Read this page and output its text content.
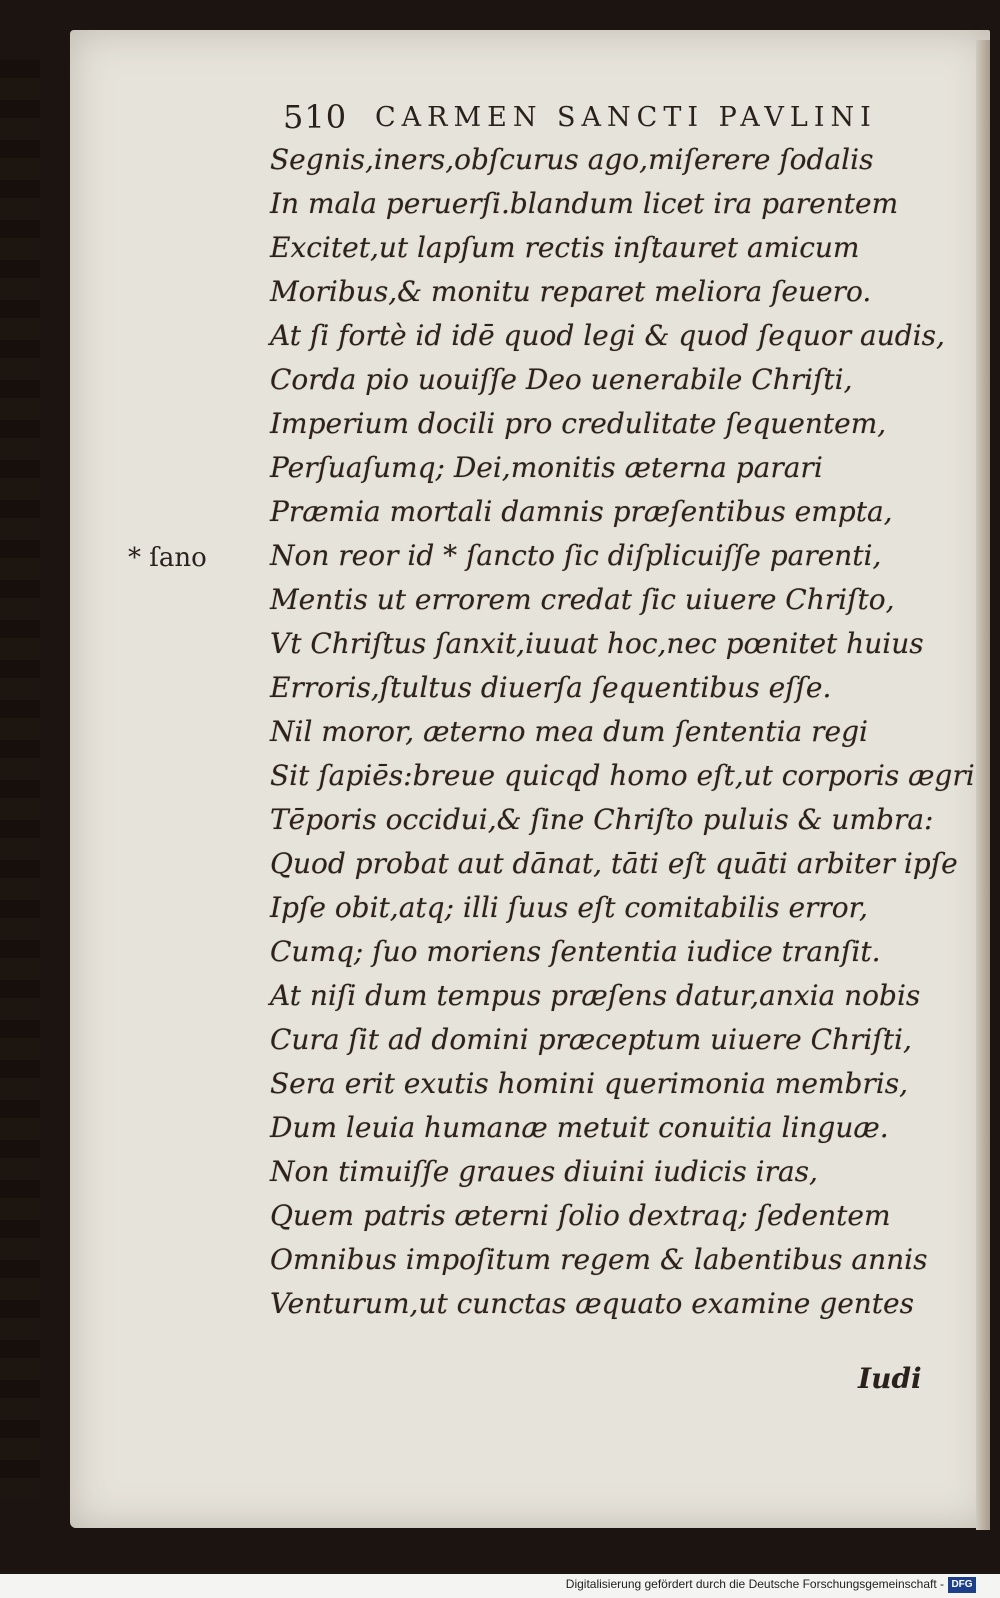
510 CARMEN SANCTI PAVLINI
* ſano
Segnis,iners,obſcurus ago,miſerere ſodalis
In mala peruerſi.blandum licet ira parentem
Excitet,ut lapſum rectis inſtauret amicum
Moribus,& monitu reparet meliora ſeuero.
At ſi fortè id idē quod legi & quod ſequor audis,
Corda pio uouiſſe Deo uenerabile Chriſti,
Imperium docili pro credulitate ſequentem,
Perſuaſumq; Dei,monitis æterna parari
Præmia mortali damnis præſentibus empta,
Non reor id * ſancto ſic diſplicuiſſe parenti,
Mentis ut errorem credat ſic uiuere Chriſto,
Vt Chriſtus ſanxit,iuuat hoc,nec pœnitet huius
Erroris,ſtultus diuerſa ſequentibus eſſe.
Nil moror, æterno mea dum ſententia regi
Sit ſapiēs:breue quicqd homo eſt,ut corporis ægri
Tēporis occidui,& ſine Chriſto puluis & umbra:
Quod probat aut dānat, tāti eſt quāti arbiter ipſe
Ipſe obit,atq; illi ſuus eſt comitabilis error,
Cumq; ſuo moriens ſententia iudice tranſit.
At niſi dum tempus præſens datur,anxia nobis
Cura ſit ad domini præceptum uiuere Chriſti,
Sera erit exutis homini querimonia membris,
Dum leuia humanæ metuit conuitia linguæ.
Non timuiſſe graues diuini iudicis iras,
Quem patris æterni ſolio dextraq; ſedentem
Omnibus impoſitum regem & labentibus annis
Venturum,ut cunctas æquato examine gentes
Iudi
Digitalisierung gefördert durch die Deutsche Forschungsgemeinschaft - DFG
